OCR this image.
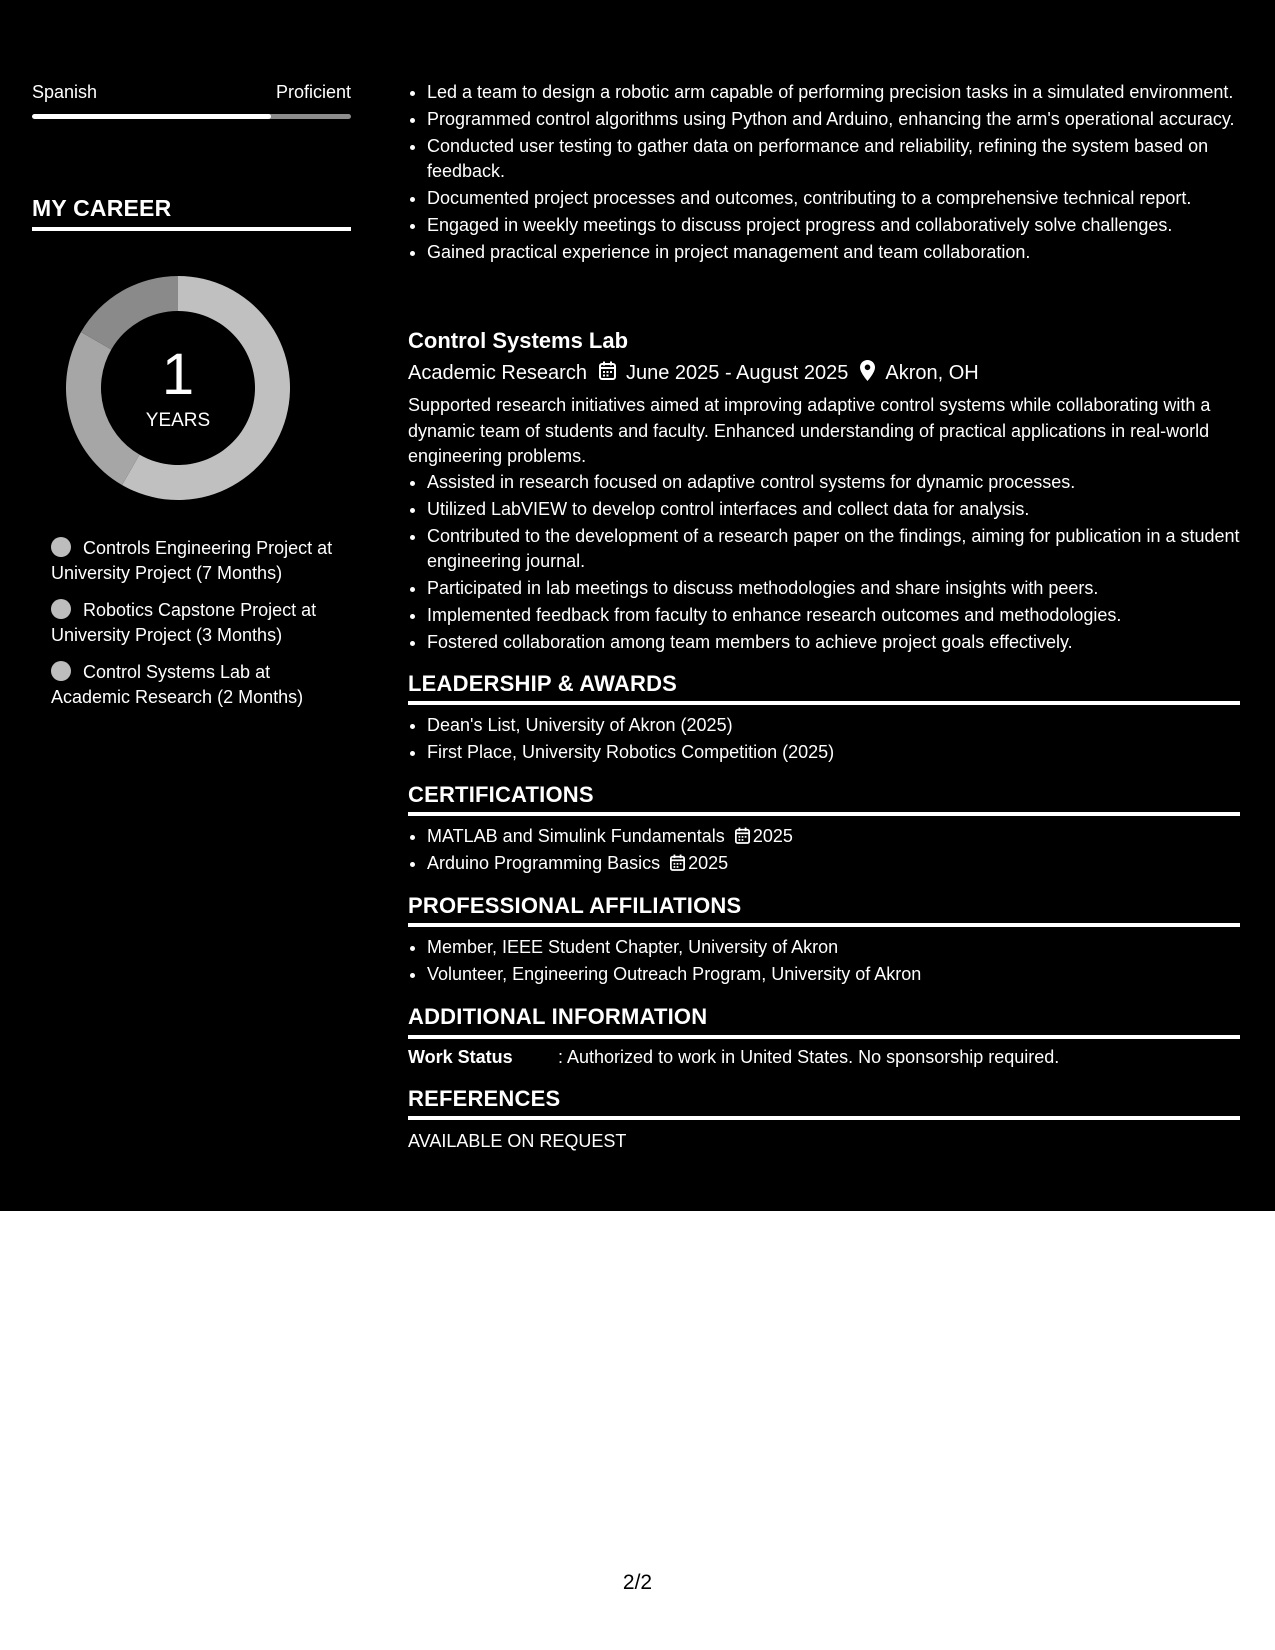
Spanish	Proficient
MY CAREER
1
YEARS
Controls Engineering Project at University Project (7 Months)
Robotics Capstone Project at University Project (3 Months)
Control Systems Lab at Academic Research (2 Months)
• Led a team to design a robotic arm capable of performing precision tasks in a simulated environment.
• Programmed control algorithms using Python and Arduino, enhancing the arm's operational accuracy.
• Conducted user testing to gather data on performance and reliability, refining the system based on feedback.
• Documented project processes and outcomes, contributing to a comprehensive technical report.
• Engaged in weekly meetings to discuss project progress and collaboratively solve challenges.
• Gained practical experience in project management and team collaboration.
Control Systems Lab
Academic Research June 2025 - August 2025 Akron, OH
Supported research initiatives aimed at improving adaptive control systems while collaborating with a dynamic team of students and faculty. Enhanced understanding of practical applications in real-world engineering problems.
• Assisted in research focused on adaptive control systems for dynamic processes.
• Utilized LabVIEW to develop control interfaces and collect data for analysis.
• Contributed to the development of a research paper on the findings, aiming for publication in a student engineering journal.
• Participated in lab meetings to discuss methodologies and share insights with peers.
• Implemented feedback from faculty to enhance research outcomes and methodologies.
• Fostered collaboration among team members to achieve project goals effectively.
LEADERSHIP & AWARDS
• Dean's List, University of Akron (2025)
• First Place, University Robotics Competition (2025)
CERTIFICATIONS
• MATLAB and Simulink Fundamentals 2025
• Arduino Programming Basics 2025
PROFESSIONAL AFFILIATIONS
• Member, IEEE Student Chapter, University of Akron
• Volunteer, Engineering Outreach Program, University of Akron
ADDITIONAL INFORMATION
Work Status	: Authorized to work in United States. No sponsorship required.
REFERENCES
AVAILABLE ON REQUEST
2/2
